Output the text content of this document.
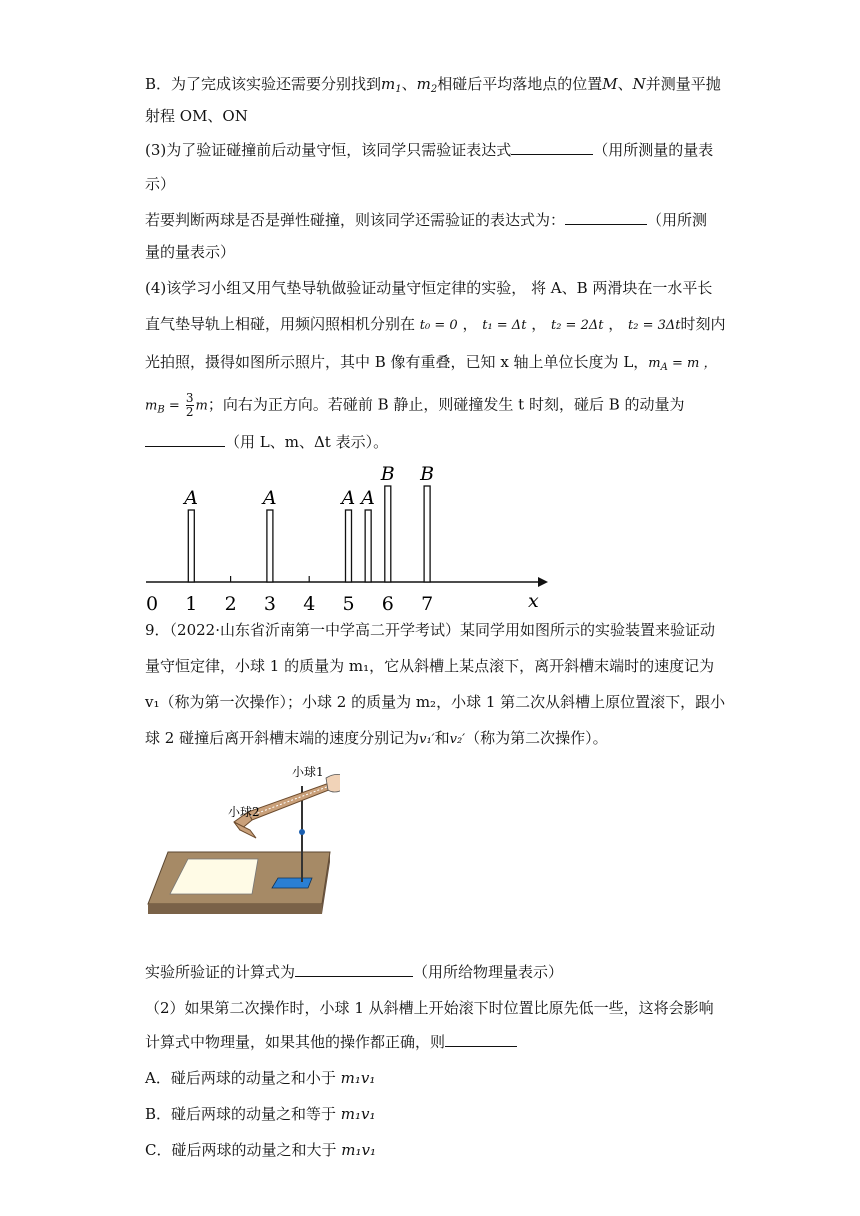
B．为了完成该实验还需要分别找到$m_1$、$m_2$相碰后平均落地点的位置M、N并测量平抛
射程 OM、ON
(3)为了验证碰撞前后动量守恒，该同学只需验证表达式	（用所测量的量表
示）
若要判断两球是否是弹性碰撞，则该同学还需验证的表达式为：	（用所测
量的量表示）
(4)该学习小组又用气垫导轨做验证动量守恒定律的实验， 将 A、B 两滑块在一水平长
直气垫导轨上相碰，用频闪照相机分别在 t₀ = 0 ， t₁ = Δt ， t₂ = 2Δt ， t₂ = 3Δt时刻内
光拍照，摄得如图所示照片，其中 B 像有重叠，已知 x 轴上单位长度为 L，$m_A = m$ ，
$m_B = \frac{3}{2}$ m；向右为正方向。若碰前 B 静止，则碰撞发生 t 时刻，碰后 B 的动量为
（用 L、m、Δt 表示）。
x
0 1 2 3 4 5 6 7
A	A	A A
B B
9．（2022·山东省沂南第一中学高二开学考试）某同学用如图所示的实验装置来验证动
量守恒定律，小球 1 的质量为 m₁，它从斜槽上某点滚下，离开斜槽末端时的速度记为
v₁（称为第一次操作）；小球 2 的质量为 m₂，小球 1 第二次从斜槽上原位置滚下，跟小
球 2 碰撞后离开斜槽末端的速度分别记为v₁′和v₂′（称为第二次操作）。
小球1
小球2
实验所验证的计算式为	（用所给物理量表示）
（2）如果第二次操作时，小球 1 从斜槽上开始滚下时位置比原先低一些，这将会影响
计算式中物理量，如果其他的操作都正确，则
A．碰后两球的动量之和小于 m₁v₁
B．碰后两球的动量之和等于 m₁v₁
C．碰后两球的动量之和大于 m₁v₁
